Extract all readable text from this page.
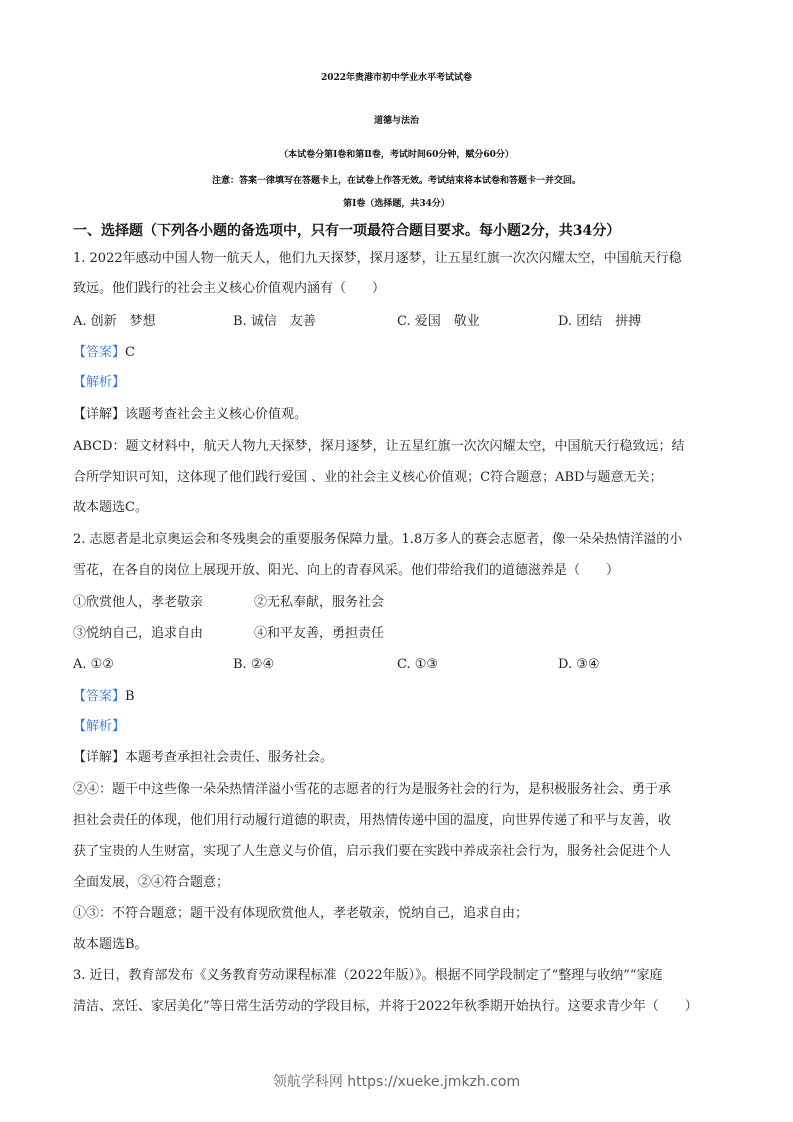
2022年贵港市初中学业水平考试试卷
道德与法治
（本试卷分第Ⅰ卷和第Ⅱ卷，考试时间60分钟，赋分60分）
注意：答案一律填写在答题卡上，在试卷上作答无效。考试结束将本试卷和答题卡一并交回。
第Ⅰ卷（选择题，共34分）
一、选择题（下列各小题的备选项中，只有一项最符合题目要求。每小题2分，共34分）
1. 2022年感动中国人物一航天人，他们九天探梦，探月逐梦，让五星红旗一次次闪耀太空，中国航天行稳
致远。他们践行的社会主义核心价值观内涵有（　　）
A. 创新　梦想	B. 诚信　友善	C. 爱国　敬业	D. 团结　拼搏
【答案】C
【解析】
【详解】该题考查社会主义核心价值观。
ABCD：题文材料中，航天人物九天探梦，探月逐梦，让五星红旗一次次闪耀太空，中国航天行稳致远；结
合所学知识可知，这体现了他们践行爱国 、业的社会主义核心价值观；C符合题意；ABD与题意无关；
故本题选C。
2. 志愿者是北京奥运会和冬残奥会的重要服务保障力量。1.8万多人的赛会志愿者，像一朵朵热情洋溢的小
雪花，在各自的岗位上展现开放、阳光、向上的青春风采。他们带给我们的道德滋养是（　　）
①欣赏他人，孝老敬亲	②无私奉献，服务社会
③悦纳自己，追求自由	④和平友善，勇担责任
A. ①②	B. ②④	C. ①③	D. ③④
【答案】B
【解析】
【详解】本题考查承担社会责任、服务社会。
②④：题干中这些像一朵朵热情洋溢小雪花的志愿者的行为是服务社会的行为，是积极服务社会、勇于承
担社会责任的体现，他们用行动履行道德的职责，用热情传递中国的温度，向世界传递了和平与友善，收
获了宝贵的人生财富，实现了人生意义与价值，启示我们要在实践中养成亲社会行为，服务社会促进个人
全面发展，②④符合题意；
①③：不符合题意；题干没有体现欣赏他人，孝老敬亲，悦纳自己，追求自由；
故本题选B。
3. 近日，教育部发布《义务教育劳动课程标准（2022年版）》。根据不同学段制定了“整理与收纳”“家庭
清洁、烹饪、家居美化”等日常生活劳动的学段目标，并将于2022年秋季期开始执行。这要求青少年（　　）
领航学科网 https://xueke.jmkzh.com
